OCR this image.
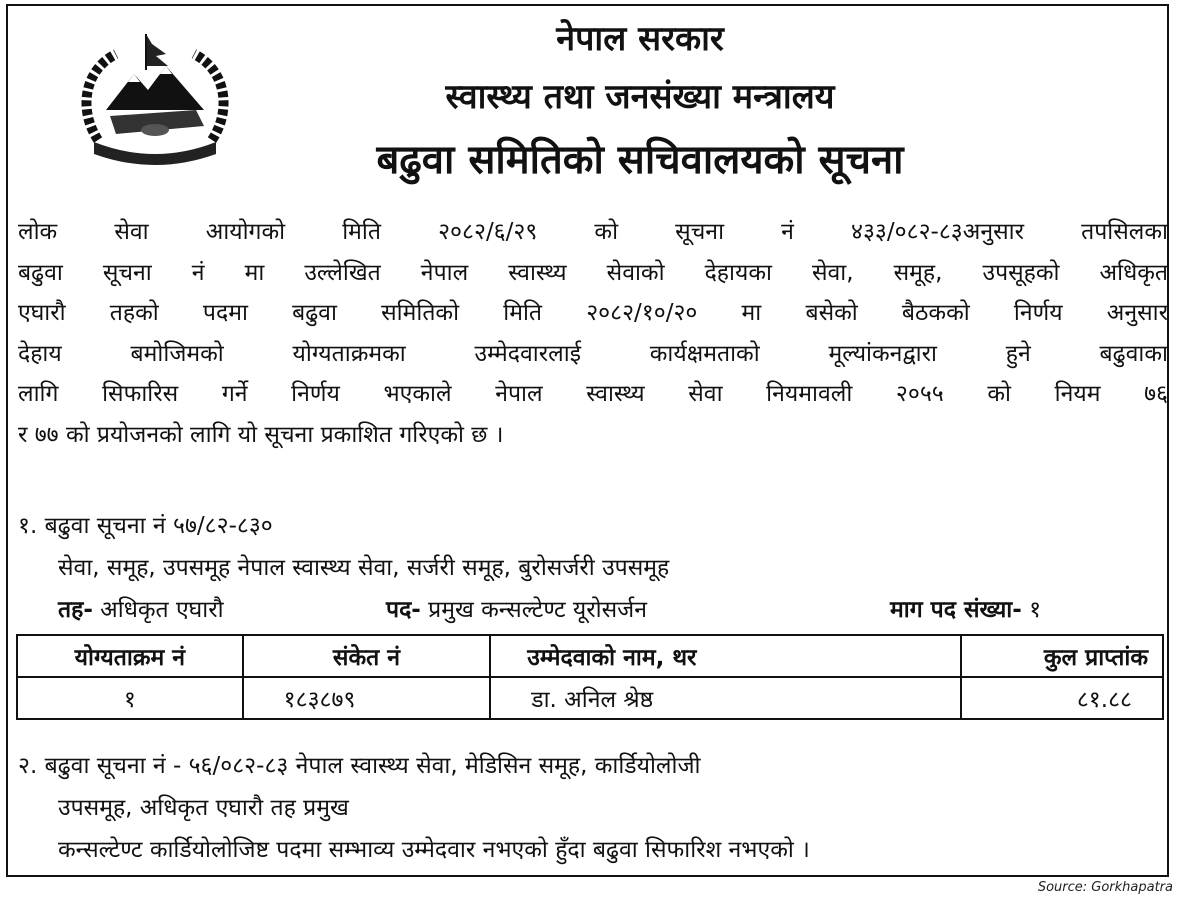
नेपाल सरकार
स्वास्थ्य तथा जनसंख्या मन्त्रालय
बढुवा समितिको सचिवालयको सूचना
लोक सेवा आयोगको मिति २०८२/६/२९ को सूचना नं ४३३/०८२-८३अनुसार तपसिलका
बढुवा सूचना नं मा उल्लेखित नेपाल स्वास्थ्य सेवाको देहायका सेवा, समूह, उपसूहको अधिकृत
एघारौ तहको पदमा बढुवा समितिको मिति २०८२/१०/२० मा बसेको बैठकको निर्णय अनुसार
देहाय बमोजिमको योग्यताक्रमका उम्मेदवारलाई कार्यक्षमताको मूल्यांकनद्वारा हुने बढुवाका
लागि सिफारिस गर्ने निर्णय भएकाले नेपाल स्वास्थ्य सेवा नियमावली २०५५ को नियम ७६
र ७७ को प्रयोजनको लागि यो सूचना प्रकाशित गरिएको छ ।
१. बढुवा सूचना नं ५७/८२-८३०
सेवा, समूह, उपसमूह नेपाल स्वास्थ्य सेवा, सर्जरी समूह, बुरोसर्जरी उपसमूह
तह- अधिकृत एघारौ	पद- प्रमुख कन्सल्टेण्ट यूरोसर्जन	माग पद संख्या- १
योग्यताक्रम नं	संकेत नं	उम्मेदवाको नाम, थर	कुल प्राप्तांक
१	१८३८७९	डा. अनिल श्रेष्ठ	८१.८८
२. बढुवा सूचना नं - ५६/०८२-८३ नेपाल स्वास्थ्य सेवा, मेडिसिन समूह, कार्डियोलोजी
उपसमूह, अधिकृत एघारौ तह प्रमुख
कन्सल्टेण्ट कार्डियोलोजिष्ट पदमा सम्भाव्य उम्मेदवार नभएको हुँदा बढुवा सिफारिश नभएको ।
Source: Gorkhapatra
